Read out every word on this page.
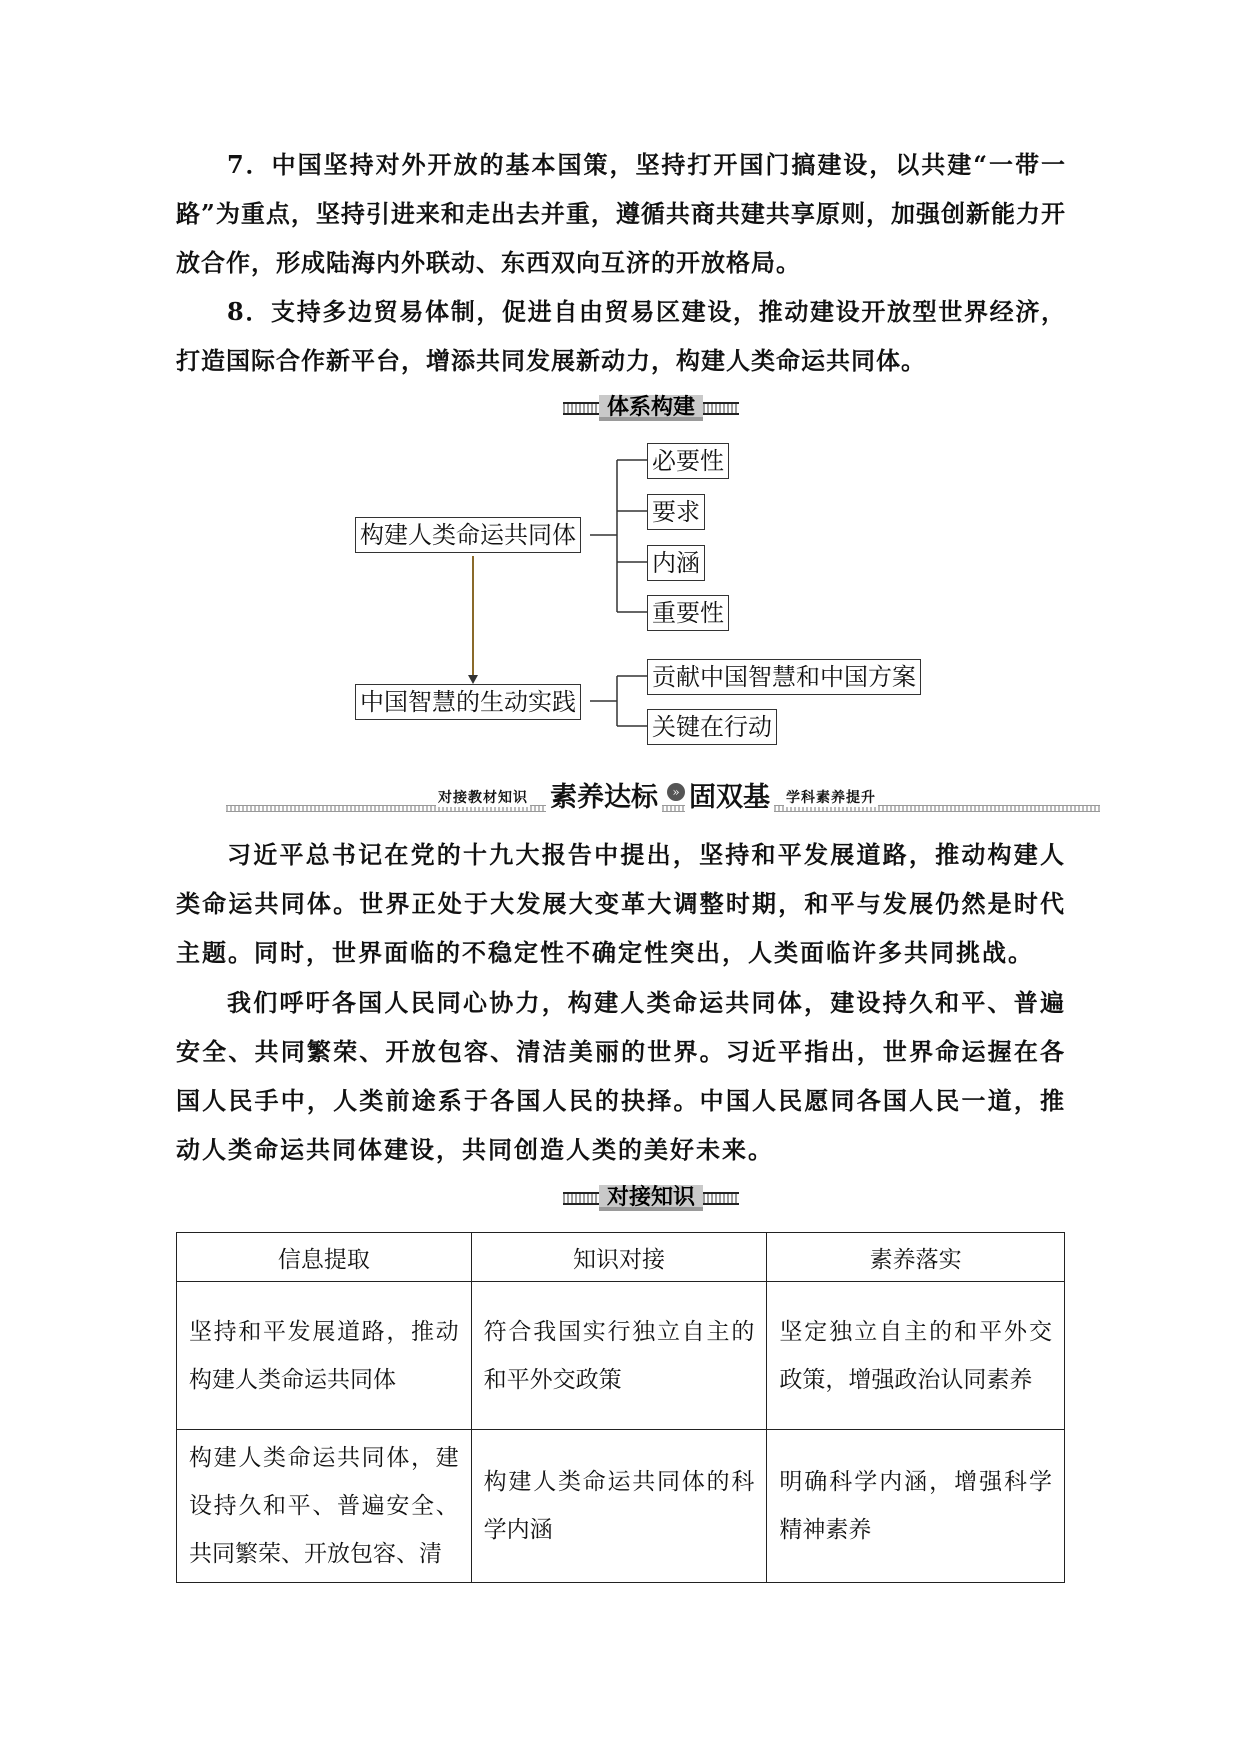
7．中国坚持对外开放的基本国策，坚持打开国门搞建设，以共建“一带一路”为重点，坚持引进来和走出去并重，遵循共商共建共享原则，加强创新能力开放合作，形成陆海内外联动、东西双向互济的开放格局。

8．支持多边贸易体制，促进自由贸易区建设，推动建设开放型世界经济，打造国际合作新平台，增添共同发展新动力，构建人类命运共同体。

体系构建
构建人类命运共同体
必要性
要求
内涵
重要性
中国智慧的生动实践
贡献中国智慧和中国方案
关键在行动
对接教材知识 素养达标	» 固双基 学科素养提升

习近平总书记在党的十九大报告中提出，坚持和平发展道路，推动构建人类命运共同体。世界正处于大发展大变革大调整时期，和平与发展仍然是时代主题。同时，世界面临的不稳定性不确定性突出，人类面临许多共同挑战。

我们呼吁各国人民同心协力，构建人类命运共同体，建设持久和平、普遍安全、共同繁荣、开放包容、清洁美丽的世界。习近平指出，世界命运握在各国人民手中，人类前途系于各国人民的抉择。中国人民愿同各国人民一道，推动人类命运共同体建设，共同创造人类的美好未来。

对接知识
信息提取	知识对接	素养落实
坚持和平发展道路，推动构建人类命运共同体	符合我国实行独立自主的和平外交政策	坚定独立自主的和平外交政策，增强政治认同素养
构建人类命运共同体，建设持久和平、普遍安全、共同繁荣、开放包容、清	构建人类命运共同体的科学内涵	明确科学内涵，增强科学精神素养
